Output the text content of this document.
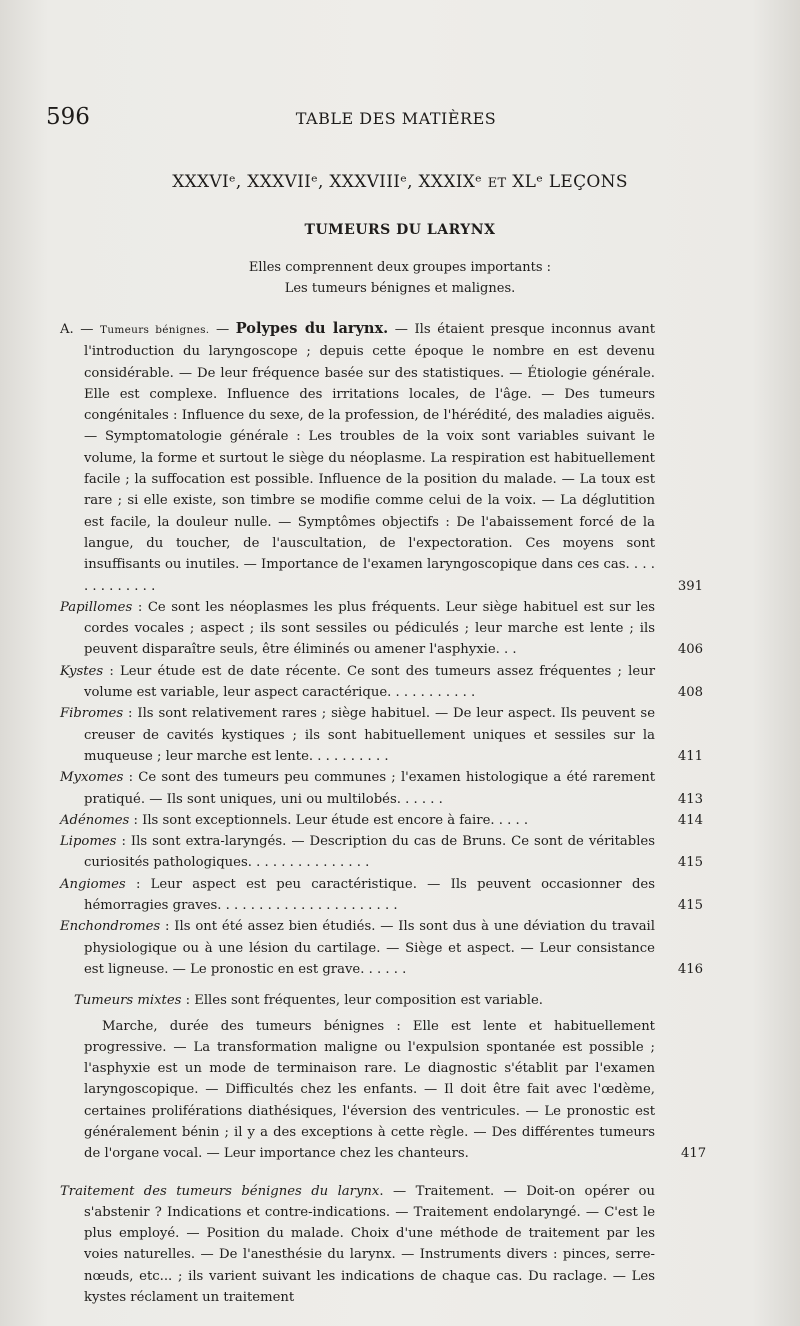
596	TABLE DES MATIÈRES
XXXVIᵉ, XXXVIIᵉ, XXXVIIIᵉ, XXXIXᵉ ET XLᵉ LEÇONS
TUMEURS DU LARYNX
Elles comprennent deux groupes importants :
Les tumeurs bénignes et malignes.

A. — Tumeurs bénignes. — Polypes du larynx. — Ils étaient presque inconnus avant l'introduction du laryngoscope ; depuis cette époque le nombre en est devenu considérable. — De leur fréquence basée sur des statistiques. — Étiologie générale. Elle est complexe. Influence des irritations locales, de l'âge. — Des tumeurs congénitales : Influence du sexe, de la profession, de l'hérédité, des maladies aiguës. — Symptomatologie générale : Les troubles de la voix sont variables suivant le volume, la forme et surtout le siège du néoplasme. La respiration est habituellement facile ; la suffocation est possible. Influence de la position du malade. — La toux est rare ; si elle existe, son timbre se modifie comme celui de la voix. — La déglutition est facile, la douleur nulle. — Symptômes objectifs : De l'abaissement forcé de la langue, du toucher, de l'auscultation, de l'expectoration. Ces moyens sont insuffisants ou inutiles. — Importance de l'examen laryngoscopique dans ces cas. . . . . . . . . . . . .	391

Papillomes : Ce sont les néoplasmes les plus fréquents. Leur siège habituel est sur les cordes vocales ; aspect ; ils sont sessiles ou pédiculés ; leur marche est lente ; ils peuvent disparaître seuls, être éliminés ou amener l'asphyxie. . .	406

Kystes : Leur étude est de date récente. Ce sont des tumeurs assez fréquentes ; leur volume est variable, leur aspect caractérique. . . . . . . . . . .	408

Fibromes : Ils sont relativement rares ; siège habituel. — De leur aspect. Ils peuvent se creuser de cavités kystiques ; ils sont habituellement uniques et sessiles sur la muqueuse ; leur marche est lente. . . . . . . . . .	411

Myxomes : Ce sont des tumeurs peu communes ; l'examen histologique a été rarement pratiqué. — Ils sont uniques, uni ou multilobés. . . . . .	413

Adénomes : Ils sont exceptionnels. Leur étude est encore à faire. . . . .	414

Lipomes : Ils sont extra-laryngés. — Description du cas de Bruns. Ce sont de véritables curiosités pathologiques. . . . . . . . . . . . . . .	415

Angiomes : Leur aspect est peu caractéristique. — Ils peuvent occasionner des hémorragies graves. . . . . . . . . . . . . . . . . . . . . .	415

Enchondromes : Ils ont été assez bien étudiés. — Ils sont dus à une déviation du travail physiologique ou à une lésion du cartilage. — Siège et aspect. — Leur consistance est ligneuse. — Le pronostic en est grave. . . . . .	416

Tumeurs mixtes : Elles sont fréquentes, leur composition est variable.

Marche, durée des tumeurs bénignes : Elle est lente et habituellement progressive. — La transformation maligne ou l'expulsion spontanée est possible ; l'asphyxie est un mode de terminaison rare. Le diagnostic s'établit par l'examen laryngoscopique. — Difficultés chez les enfants. — Il doit être fait avec l'œdème, certaines proliférations diathésiques, l'éversion des ventricules. — Le pronostic est généralement bénin ; il y a des exceptions à cette règle. — Des différentes tumeurs de l'organe vocal. — Leur importance chez les chanteurs.	417

Traitement des tumeurs bénignes du larynx. — Traitement. — Doit-on opérer ou s'abstenir ? Indications et contre-indications. — Traitement endolaryngé. — C'est le plus employé. — Position du malade. Choix d'une méthode de traitement par les voies naturelles. — De l'anesthésie du larynx. — Instruments divers : pinces, serre-nœuds, etc... ; ils varient suivant les indications de chaque cas. Du raclage. — Les kystes réclament un traitement
